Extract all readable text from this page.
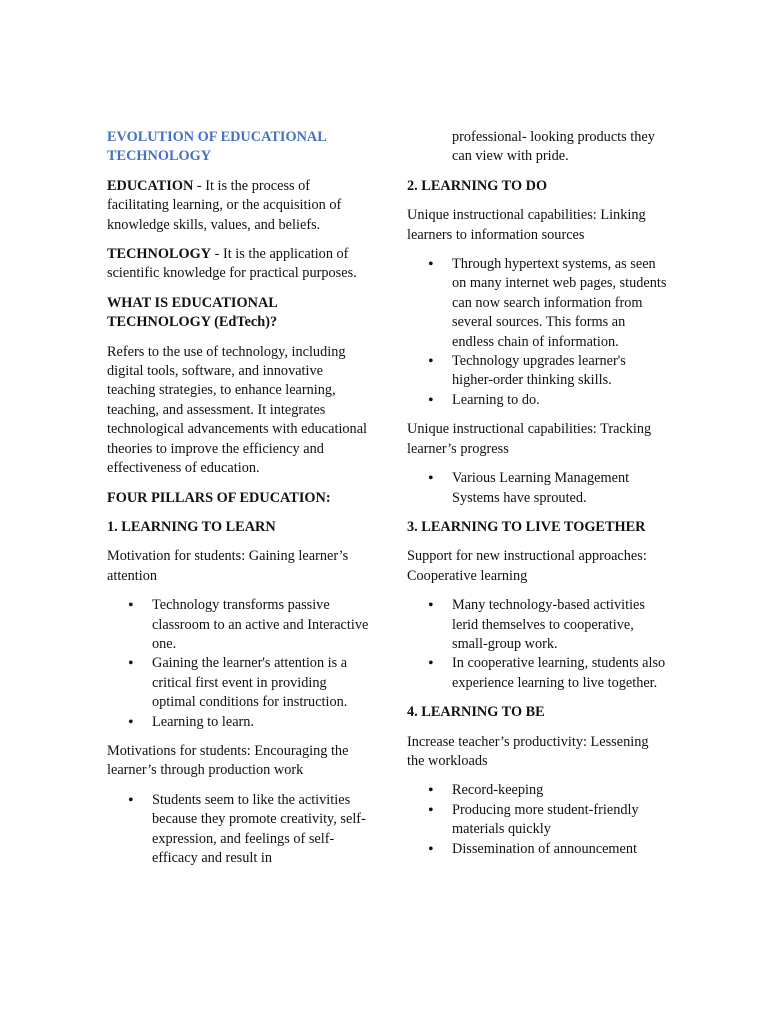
EVOLUTION OF EDUCATIONAL TECHNOLOGY

EDUCATION - It is the process of facilitating learning, or the acquisition of knowledge skills, values, and beliefs.

TECHNOLOGY - It is the application of scientific knowledge for practical purposes.

WHAT IS EDUCATIONAL TECHNOLOGY (EdTech)?

Refers to the use of technology, including digital tools, software, and innovative teaching strategies, to enhance learning, teaching, and assessment. It integrates technological advancements with educational theories to improve the efficiency and effectiveness of education.

FOUR PILLARS OF EDUCATION:

1. LEARNING TO LEARN

Motivation for students: Gaining learner’s attention

• Technology transforms passive classroom to an active and Interactive one.
• Gaining the learner's attention is a critical first event in providing optimal conditions for instruction.
• Learning to learn.

Motivations for students: Encouraging the learner’s through production work

• Students seem to like the activities because they promote creativity, self-expression, and feelings of self- efficacy and result in

professional- looking products they can view with pride.

2. LEARNING TO DO

Unique instructional capabilities: Linking learners to information sources

• Through hypertext systems, as seen on many internet web pages, students can now search information from several sources. This forms an endless chain of information.
• Technology upgrades learner's higher-order thinking skills.
• Learning to do.

Unique instructional capabilities: Tracking learner’s progress

• Various Learning Management Systems have sprouted.

3. LEARNING TO LIVE TOGETHER

Support for new instructional approaches: Cooperative learning

• Many technology-based activities lerid themselves to cooperative, small-group work.
• In cooperative learning, students also experience learning to live together.

4. LEARNING TO BE

Increase teacher’s productivity: Lessening the workloads

• Record-keeping
• Producing more student-friendly materials quickly
• Dissemination of announcement
